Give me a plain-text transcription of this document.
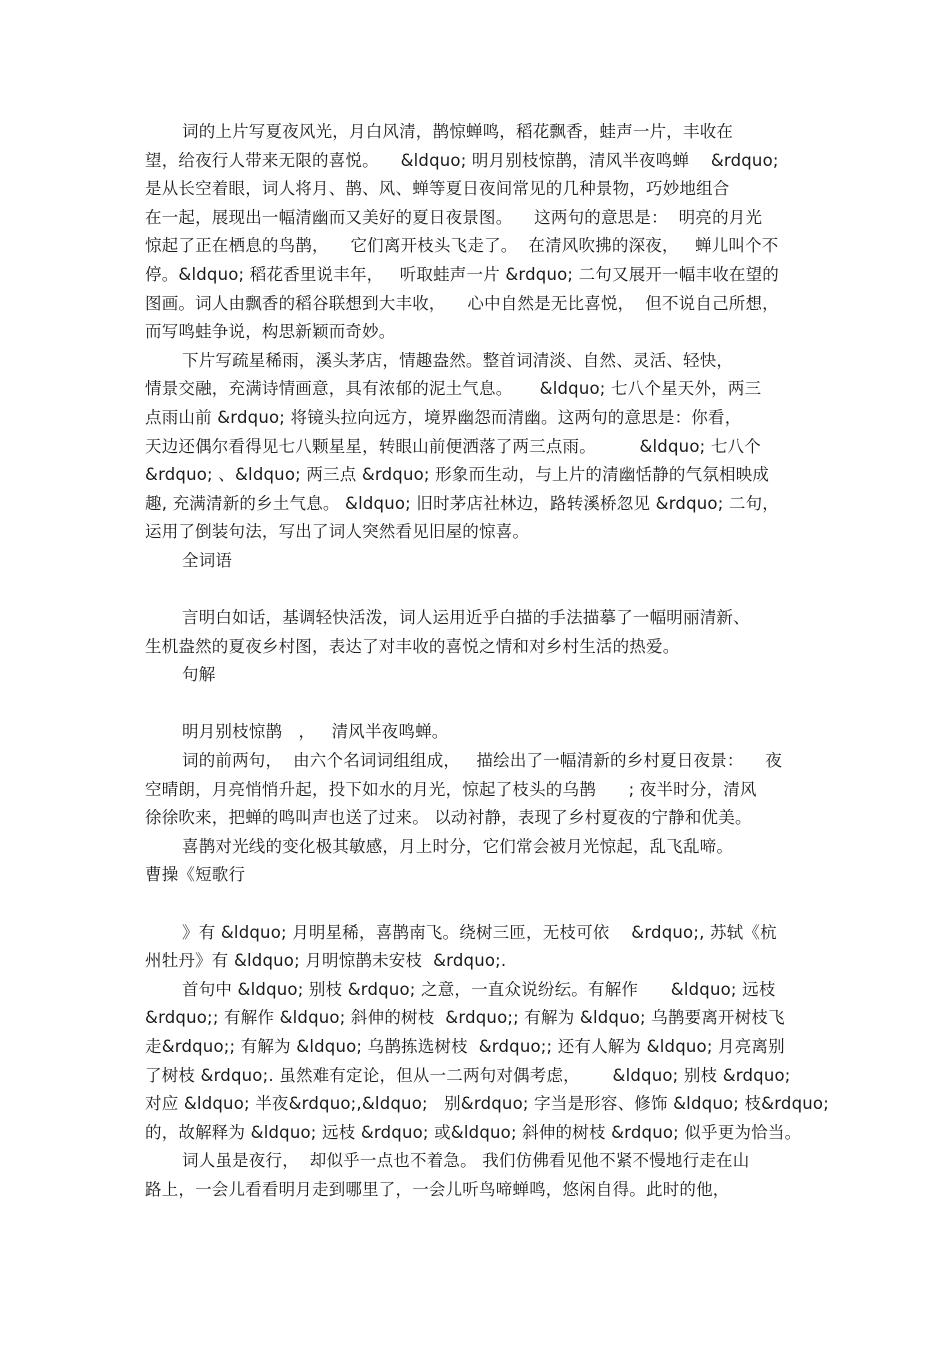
词的上片写夏夜风光，月白风清，鹊惊蝉鸣，稻花飘香，蛙声一片，丰收在
望，给夜行人带来无限的喜悦。    &ldquo; 明月别枝惊鹊，清风半夜鸣蝉    &rdquo;
是从长空着眼，词人将月、鹊、风、蝉等夏日夜间常见的几种景物，巧妙地组合
在一起，展现出一幅清幽而又美好的夏日夜景图。    这两句的意思是：  明亮的月光
惊起了正在栖息的鸟鹊，    它们离开枝头飞走了。  在清风吹拂的深夜，   蝉儿叫个不
停。&ldquo; 稻花香里说丰年，   听取蛙声一片 &rdquo; 二句又展开一幅丰收在望的
图画。词人由飘香的稻谷联想到大丰收，    心中自然是无比喜悦，  但不说自己所想，
而写鸣蛙争说，构思新颖而奇妙。
下片写疏星稀雨，溪头茅店，情趣盎然。整首词清淡、自然、灵活、轻快，
情景交融，充满诗情画意，具有浓郁的泥土气息。     &ldquo; 七八个星天外，两三
点雨山前 &rdquo; 将镜头拉向远方，境界幽怨而清幽。这两句的意思是：你看，
天边还偶尔看得见七八颗星星，转眼山前便洒落了两三点雨。        &ldquo; 七八个
&rdquo; 、&ldquo; 两三点 &rdquo; 形象而生动，与上片的清幽恬静的气氛相映成
趣, 充满清新的乡土气息。 &ldquo; 旧时茅店社林边，路转溪桥忽见 &rdquo; 二句，
运用了倒装句法，写出了词人突然看见旧屋的惊喜。
全词语
言明白如话，基调轻快活泼，词人运用近乎白描的手法描摹了一幅明丽清新、
生机盎然的夏夜乡村图，表达了对丰收的喜悦之情和对乡村生活的热爱。
句解
明月别枝惊鹊   ，   清风半夜鸣蝉。
词的前两句，  由六个名词词组组成，   描绘出了一幅清新的乡村夏日夜景：    夜
空晴朗，月亮悄悄升起，投下如水的月光，惊起了枝头的乌鹊      ; 夜半时分，清风
徐徐吹来，把蝉的鸣叫声也送了过来。 以动衬静，表现了乡村夏夜的宁静和优美。
喜鹊对光线的变化极其敏感，月上时分，它们常会被月光惊起，乱飞乱啼。
曹操《短歌行
》有 &ldquo; 月明星稀，喜鹊南飞。绕树三匝，无枝可依    &rdquo;, 苏轼《杭
州牡丹》有 &ldquo; 月明惊鹊未安枝  &rdquo;.
首句中 &ldquo; 别枝 &rdquo; 之意，一直众说纷纭。有解作      &ldquo; 远枝
&rdquo;; 有解作 &ldquo; 斜伸的树枝  &rdquo;; 有解为 &ldquo; 乌鹊要离开树枝飞
走&rdquo;; 有解为 &ldquo; 乌鹊拣选树枝  &rdquo;; 还有人解为 &ldquo; 月亮离别
了树枝 &rdquo;. 虽然难有定论，但从一二两句对偶考虑，      &ldquo; 别枝 &rdquo;
对应 &ldquo; 半夜&rdquo;,&ldquo;   别&rdquo; 字当是形容、修饰 &ldquo; 枝&rdquo;
的，故解释为 &ldquo; 远枝 &rdquo; 或&ldquo; 斜伸的树枝 &rdquo; 似乎更为恰当。
词人虽是夜行，  却似乎一点也不着急。 我们仿佛看见他不紧不慢地行走在山
路上，一会儿看看明月走到哪里了，一会儿听鸟啼蝉鸣，悠闲自得。此时的他，
